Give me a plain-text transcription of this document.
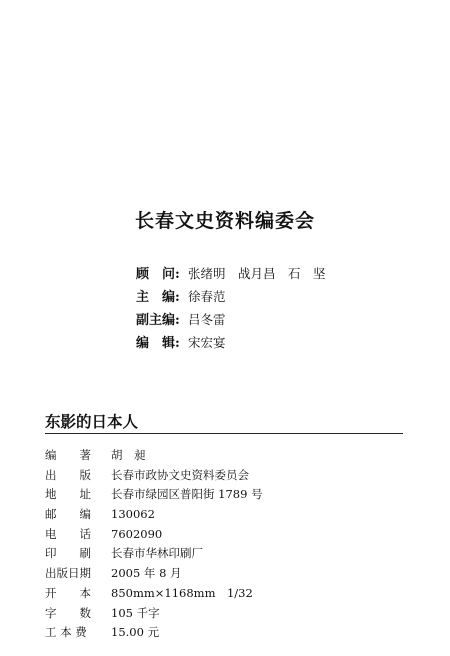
长春文史资料编委会
顾　问: 张绪明　战月昌　石　坚
主　编: 徐春范
副主编: 吕冬雷
编　辑: 宋宏宴
东影的日本人
编　　著	胡　昶
出　　版	长春市政协文史资料委员会
地　　址	长春市绿园区普阳街 1789 号
邮　　编	130062
电　　话	7602090
印　　刷	长春市华林印刷厂
出版日期	2005 年 8 月
开　　本	850mm×1168mm　1/32
字　　数	105 千字
工 本 费	15.00 元
